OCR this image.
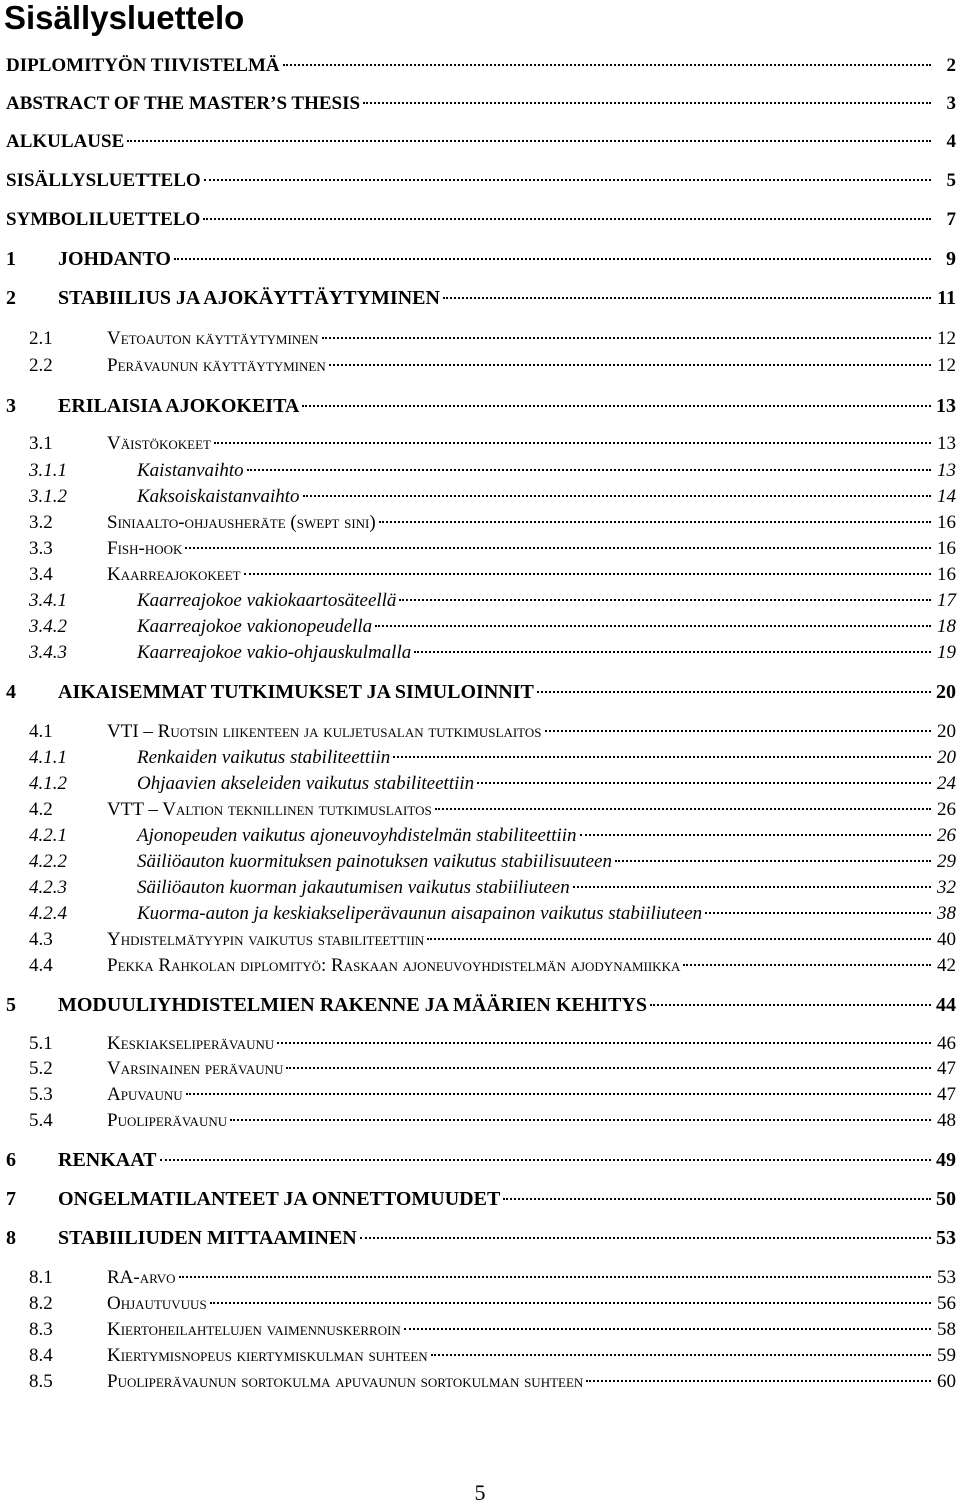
Sisällysluettelo
DIPLOMITYÖN TIIVISTELMÄ	2
ABSTRACT OF THE MASTER’S THESIS	3
ALKULAUSE	4
SISÄLLYSLUETTELO	5
SYMBOLILUETTELO	7
1	JOHDANTO	9
2	STABIILIUS JA AJOKÄYTTÄYTYMINEN	11
2.1	Vetoauton käyttäytyminen	12
2.2	Perävaunun käyttäytyminen	12
3	ERILAISIA AJOKOKEITA	13
3.1	Väistökokeet	13
3.1.1	Kaistanvaihto	13
3.1.2	Kaksoiskaistanvaihto	14
3.2	Siniaalto-ohjausheräte (swept sini)	16
3.3	Fish-hook	16
3.4	Kaarreajokokeet	16
3.4.1	Kaarreajokoe vakiokaartosäteellä	17
3.4.2	Kaarreajokoe vakionopeudella	18
3.4.3	Kaarreajokoe vakio-ohjauskulmalla	19
4	AIKAISEMMAT TUTKIMUKSET JA SIMULOINNIT	20
4.1	VTI – Ruotsin liikenteen ja kuljetusalan tutkimuslaitos	20
4.1.1	Renkaiden vaikutus stabiliteettiin	20
4.1.2	Ohjaavien akseleiden vaikutus stabiliteettiin	24
4.2	VTT – Valtion teknillinen tutkimuslaitos	26
4.2.1	Ajonopeuden vaikutus ajoneuvoyhdistelmän stabiliteettiin	26
4.2.2	Säiliöauton kuormituksen painotuksen vaikutus stabiilisuuteen	29
4.2.3	Säiliöauton kuorman jakautumisen vaikutus stabiiliuteen	32
4.2.4	Kuorma-auton ja keskiakseliperävaunun aisapainon vaikutus stabiiliuteen	38
4.3	Yhdistelmätyypin vaikutus stabiliteettiin	40
4.4	Pekka Rahkolan diplomityö: Raskaan ajoneuvoyhdistelmän ajodynamiikka	42
5	MODUULIYHDISTELMIEN RAKENNE JA MÄÄRIEN KEHITYS	44
5.1	Keskiakseliperävaunu	46
5.2	Varsinainen perävaunu	47
5.3	Apuvaunu	47
5.4	Puoliperävaunu	48
6	RENKAAT	49
7	ONGELMATILANTEET JA ONNETTOMUUDET	50
8	STABIILIUDEN MITTAAMINEN	53
8.1	RA-arvo	53
8.2	Ohjautuvuus	56
8.3	Kiertoheilahtelujen vaimennuskerroin	58
8.4	Kiertymisnopeus kiertymiskulman suhteen	59
8.5	Puoliperävaunun sortokulma apuvaunun sortokulman suhteen	60
5
